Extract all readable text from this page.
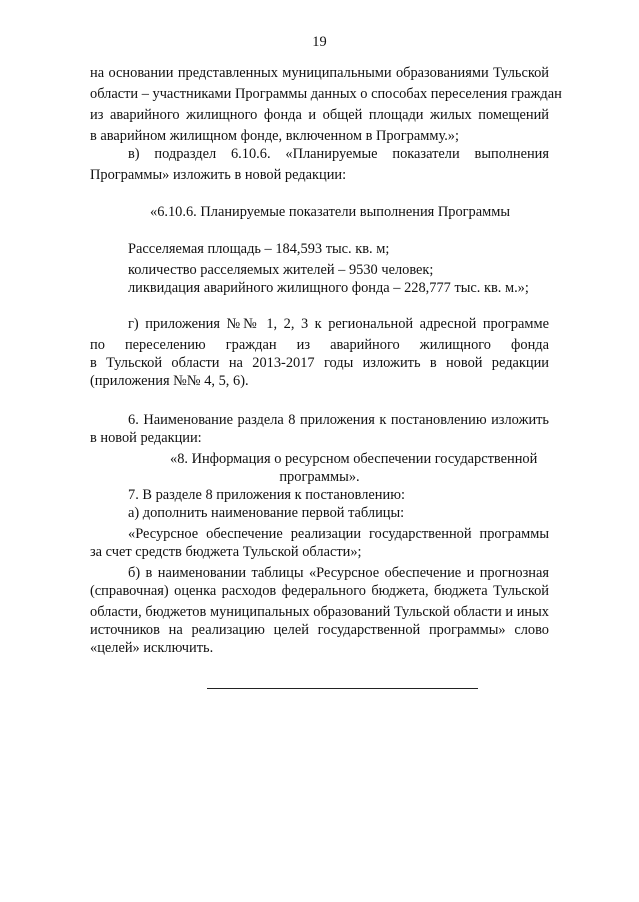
19
на основании представленных муниципальными образованиями Тульской
области – участниками Программы данных о способах переселения граждан
из аварийного жилищного фонда и общей площади жилых помещений
в аварийном жилищном фонде, включенном в Программу.»;
в) подраздел 6.10.6. «Планируемые показатели выполнения
Программы» изложить в новой редакции:
«6.10.6. Планируемые показатели выполнения Программы
Расселяемая площадь – 184,593 тыс. кв. м;
количество расселяемых жителей – 9530 человек;
ликвидация аварийного жилищного фонда – 228,777 тыс. кв. м.»;
г) приложения №№ 1, 2, 3 к региональной адресной программе
по переселению граждан из аварийного жилищного фонда
в Тульской области на 2013-2017 годы изложить в новой редакции
(приложения №№ 4, 5, 6).
6. Наименование раздела 8 приложения к постановлению изложить
в новой редакции:
«8. Информация о ресурсном обеспечении государственной
программы».
7. В разделе 8 приложения к постановлению:
а) дополнить наименование первой таблицы:
«Ресурсное обеспечение реализации государственной программы
за счет средств бюджета Тульской области»;
б) в наименовании таблицы «Ресурсное обеспечение и прогнозная
(справочная) оценка расходов федерального бюджета, бюджета Тульской
области, бюджетов муниципальных образований Тульской области и иных
источников на реализацию целей государственной программы» слово
«целей» исключить.
